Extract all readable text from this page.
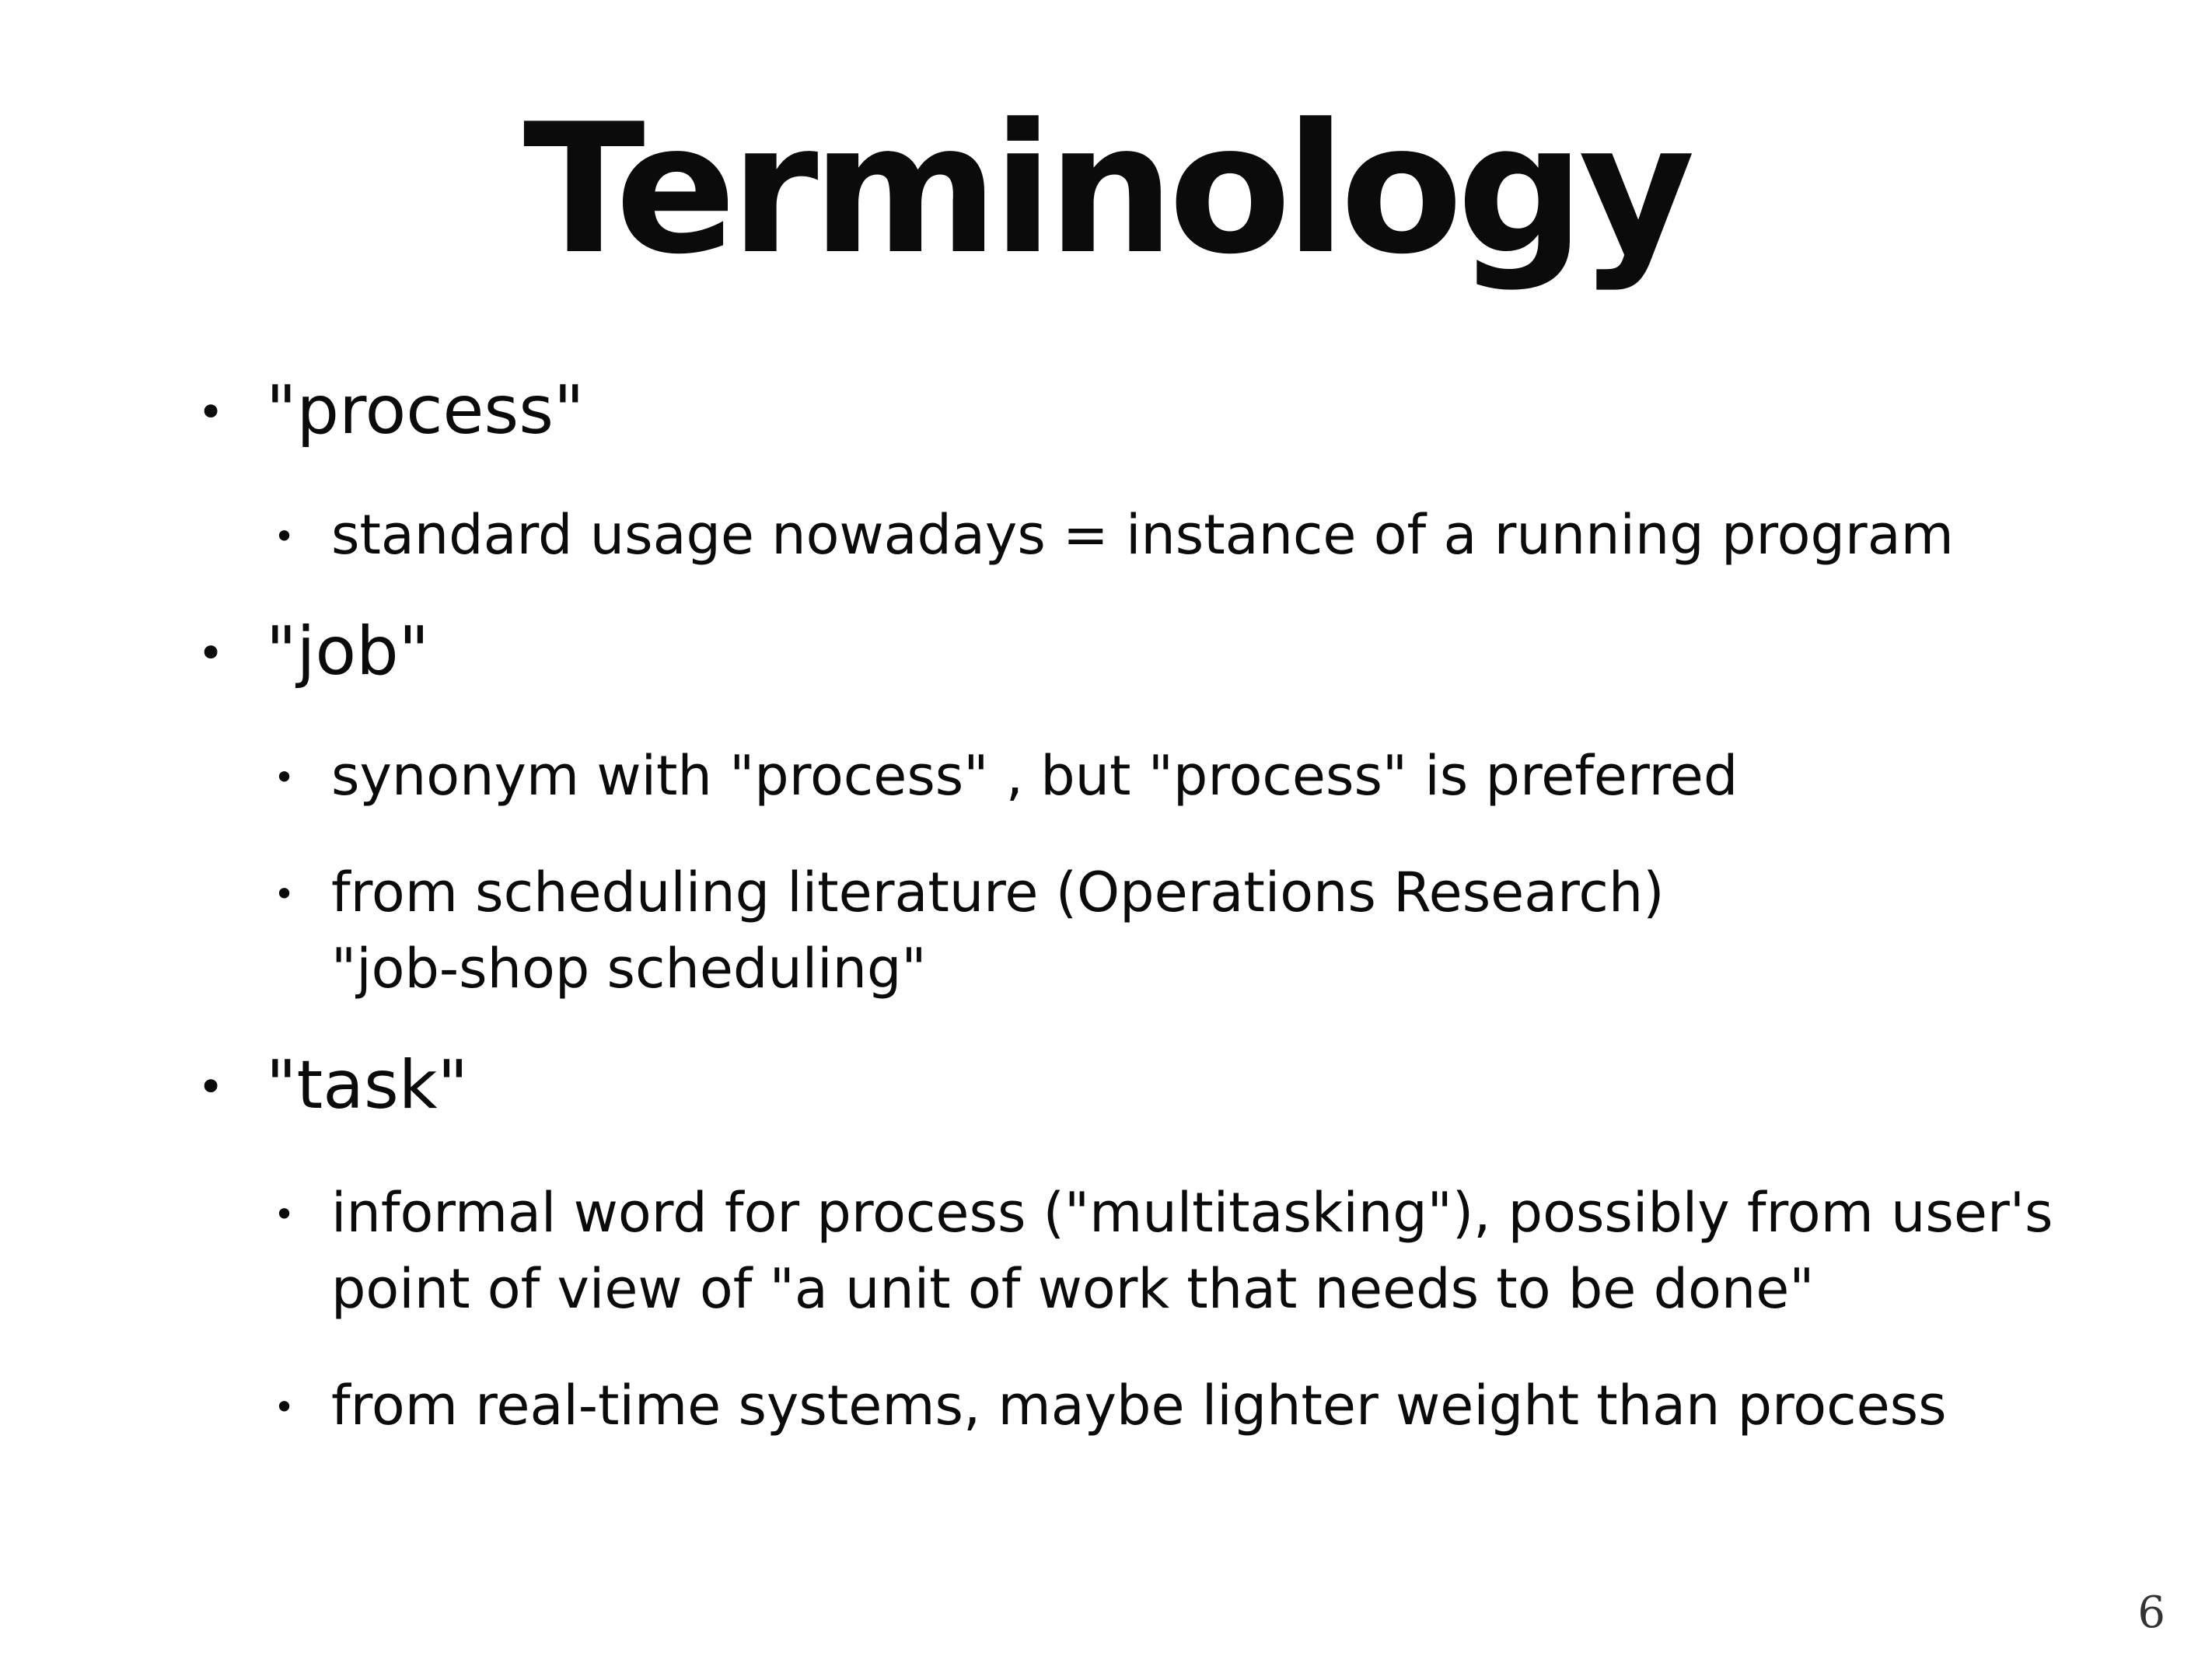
Terminology
• "process"
• standard usage nowadays = instance of a running program
• "job"
• synonym with "process" , but "process" is preferred
• from scheduling literature (Operations Research)
"job-shop scheduling"
• "task"
• informal word for process ("multitasking"), possibly from user's
point of view of "a unit of work that needs to be done"
• from real-time systems, maybe lighter weight than process
6
